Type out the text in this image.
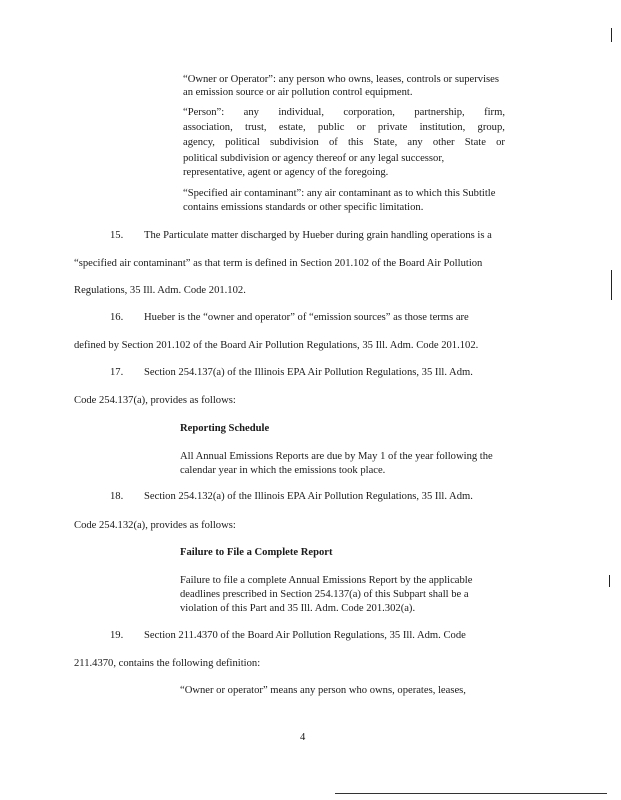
“Owner or Operator”: any person who owns, leases, controls or supervises
an emission source or air pollution control equipment.
“Person”: any individual, corporation, partnership, firm,
association, trust, estate, public or private institution, group,
agency, political subdivision of this State, any other State or
political subdivision or agency thereof or any legal successor,
representative, agent or agency of the foregoing.
“Specified air contaminant”: any air contaminant as to which this Subtitle
contains emissions standards or other specific limitation.
15. The Particulate matter discharged by Hueber during grain handling operations is a
“specified air contaminant” as that term is defined in Section 201.102 of the Board Air Pollution
Regulations, 35 Ill. Adm. Code 201.102.
16. Hueber is the “owner and operator” of “emission sources” as those terms are
defined by Section 201.102 of the Board Air Pollution Regulations, 35 Ill. Adm. Code 201.102.
17. Section 254.137(a) of the Illinois EPA Air Pollution Regulations, 35 Ill. Adm.
Code 254.137(a), provides as follows:
Reporting Schedule
All Annual Emissions Reports are due by May 1 of the year following the
calendar year in which the emissions took place.
18. Section 254.132(a) of the Illinois EPA Air Pollution Regulations, 35 Ill. Adm.
Code 254.132(a), provides as follows:
Failure to File a Complete Report
Failure to file a complete Annual Emissions Report by the applicable
deadlines prescribed in Section 254.137(a) of this Subpart shall be a
violation of this Part and 35 Ill. Adm. Code 201.302(a).
19. Section 211.4370 of the Board Air Pollution Regulations, 35 Ill. Adm. Code
211.4370, contains the following definition:
“Owner or operator” means any person who owns, operates, leases,
4
